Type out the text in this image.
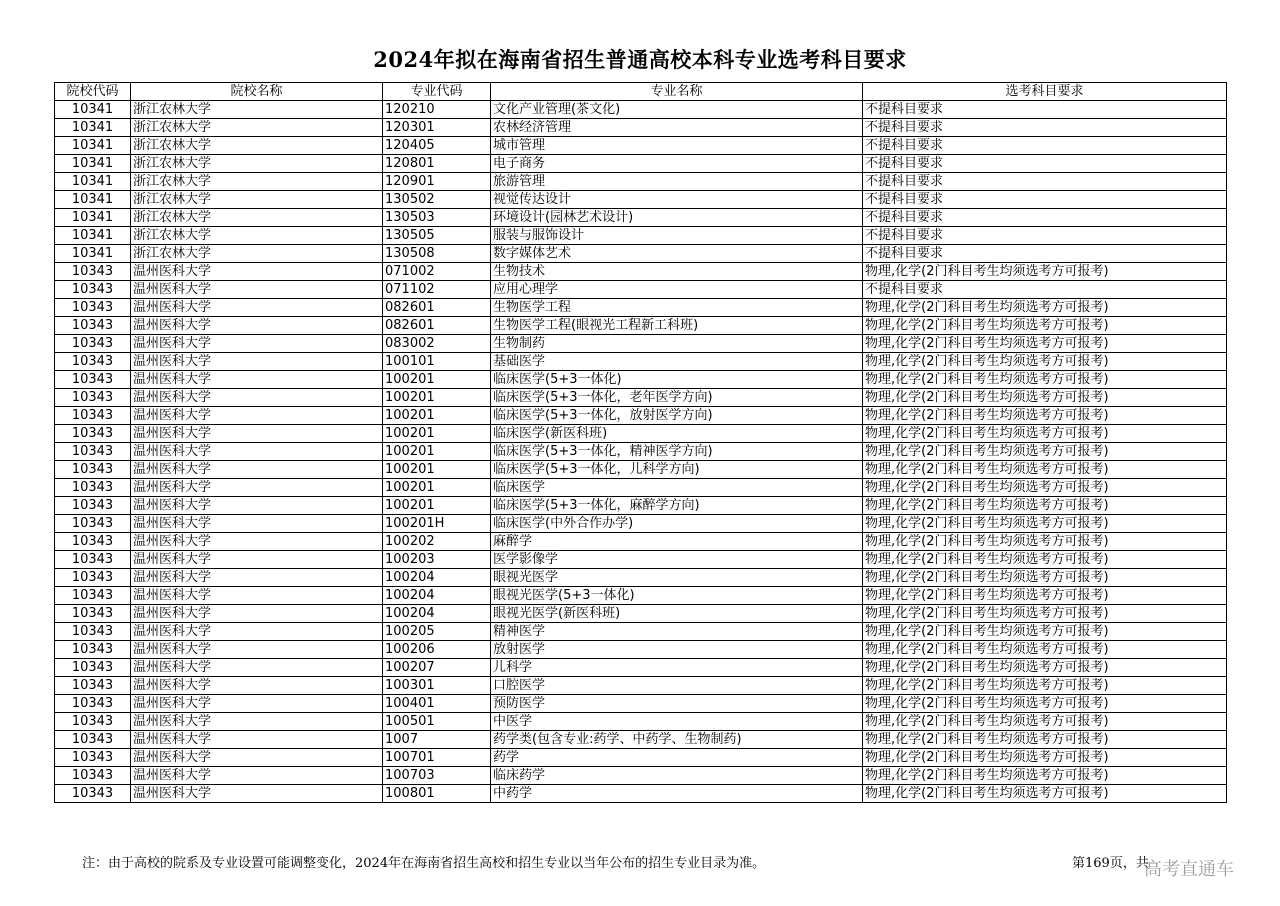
2024年拟在海南省招生普通高校本科专业选考科目要求
院校代码	院校名称	专业代码	专业名称	选考科目要求
10341	浙江农林大学	120210	文化产业管理(茶文化)	不提科目要求
10341	浙江农林大学	120301	农林经济管理	不提科目要求
10341	浙江农林大学	120405	城市管理	不提科目要求
10341	浙江农林大学	120801	电子商务	不提科目要求
10341	浙江农林大学	120901	旅游管理	不提科目要求
10341	浙江农林大学	130502	视觉传达设计	不提科目要求
10341	浙江农林大学	130503	环境设计(园林艺术设计)	不提科目要求
10341	浙江农林大学	130505	服装与服饰设计	不提科目要求
10341	浙江农林大学	130508	数字媒体艺术	不提科目要求
10343	温州医科大学	071002	生物技术	物理,化学(2门科目考生均须选考方可报考)
10343	温州医科大学	071102	应用心理学	不提科目要求
10343	温州医科大学	082601	生物医学工程	物理,化学(2门科目考生均须选考方可报考)
10343	温州医科大学	082601	生物医学工程(眼视光工程新工科班)	物理,化学(2门科目考生均须选考方可报考)
10343	温州医科大学	083002	生物制药	物理,化学(2门科目考生均须选考方可报考)
10343	温州医科大学	100101	基础医学	物理,化学(2门科目考生均须选考方可报考)
10343	温州医科大学	100201	临床医学(5+3一体化)	物理,化学(2门科目考生均须选考方可报考)
10343	温州医科大学	100201	临床医学(5+3一体化，老年医学方向)	物理,化学(2门科目考生均须选考方可报考)
10343	温州医科大学	100201	临床医学(5+3一体化，放射医学方向)	物理,化学(2门科目考生均须选考方可报考)
10343	温州医科大学	100201	临床医学(新医科班)	物理,化学(2门科目考生均须选考方可报考)
10343	温州医科大学	100201	临床医学(5+3一体化，精神医学方向)	物理,化学(2门科目考生均须选考方可报考)
10343	温州医科大学	100201	临床医学(5+3一体化，儿科学方向)	物理,化学(2门科目考生均须选考方可报考)
10343	温州医科大学	100201	临床医学	物理,化学(2门科目考生均须选考方可报考)
10343	温州医科大学	100201	临床医学(5+3一体化，麻醉学方向)	物理,化学(2门科目考生均须选考方可报考)
10343	温州医科大学	100201H	临床医学(中外合作办学)	物理,化学(2门科目考生均须选考方可报考)
10343	温州医科大学	100202	麻醉学	物理,化学(2门科目考生均须选考方可报考)
10343	温州医科大学	100203	医学影像学	物理,化学(2门科目考生均须选考方可报考)
10343	温州医科大学	100204	眼视光医学	物理,化学(2门科目考生均须选考方可报考)
10343	温州医科大学	100204	眼视光医学(5+3一体化)	物理,化学(2门科目考生均须选考方可报考)
10343	温州医科大学	100204	眼视光医学(新医科班)	物理,化学(2门科目考生均须选考方可报考)
10343	温州医科大学	100205	精神医学	物理,化学(2门科目考生均须选考方可报考)
10343	温州医科大学	100206	放射医学	物理,化学(2门科目考生均须选考方可报考)
10343	温州医科大学	100207	儿科学	物理,化学(2门科目考生均须选考方可报考)
10343	温州医科大学	100301	口腔医学	物理,化学(2门科目考生均须选考方可报考)
10343	温州医科大学	100401	预防医学	物理,化学(2门科目考生均须选考方可报考)
10343	温州医科大学	100501	中医学	物理,化学(2门科目考生均须选考方可报考)
10343	温州医科大学	1007	药学类(包含专业:药学、中药学、生物制药)	物理,化学(2门科目考生均须选考方可报考)
10343	温州医科大学	100701	药学	物理,化学(2门科目考生均须选考方可报考)
10343	温州医科大学	100703	临床药学	物理,化学(2门科目考生均须选考方可报考)
10343	温州医科大学	100801	中药学	物理,化学(2门科目考生均须选考方可报考)
注：由于高校的院系及专业设置可能调整变化，2024年在海南省招生高校和招生专业以当年公布的招生专业目录为准。	第169页，共
高考直通车
